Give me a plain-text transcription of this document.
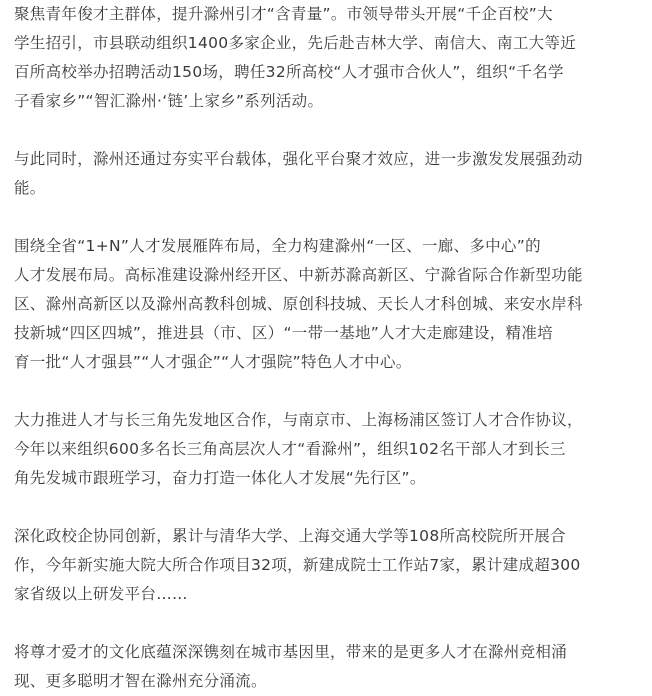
聚焦青年俊才主群体，提升滁州引才“含青量”。市领导带头开展“千企百校”大
学生招引，市县联动组织1400多家企业，先后赴吉林大学、南信大、南工大等近
百所高校举办招聘活动150场，聘任32所高校“人才强市合伙人”，组织“千名学
子看家乡”“智汇滁州·‘链’上家乡”系列活动。
与此同时，滁州还通过夯实平台载体，强化平台聚才效应，进一步激发发展强劲动
能。
围绕全省“1+N”人才发展雁阵布局，全力构建滁州“一区、一廊、多中心”的
人才发展布局。高标准建设滁州经开区、中新苏滁高新区、宁滁省际合作新型功能
区、滁州高新区以及滁州高教科创城、原创科技城、天长人才科创城、来安水岸科
技新城“四区四城”，推进县（市、区）“一带一基地”人才大走廊建设，精准培
育一批“人才强县”“人才强企”“人才强院”特色人才中心。
大力推进人才与长三角先发地区合作，与南京市、上海杨浦区签订人才合作协议，
今年以来组织600多名长三角高层次人才“看滁州”，组织102名干部人才到长三
角先发城市跟班学习，奋力打造一体化人才发展“先行区”。
深化政校企协同创新，累计与清华大学、上海交通大学等108所高校院所开展合
作，今年新实施大院大所合作项目32项，新建成院士工作站7家，累计建成超300
家省级以上研发平台……
将尊才爱才的文化底蕴深深镌刻在城市基因里，带来的是更多人才在滁州竞相涌
现、更多聪明才智在滁州充分涌流。
